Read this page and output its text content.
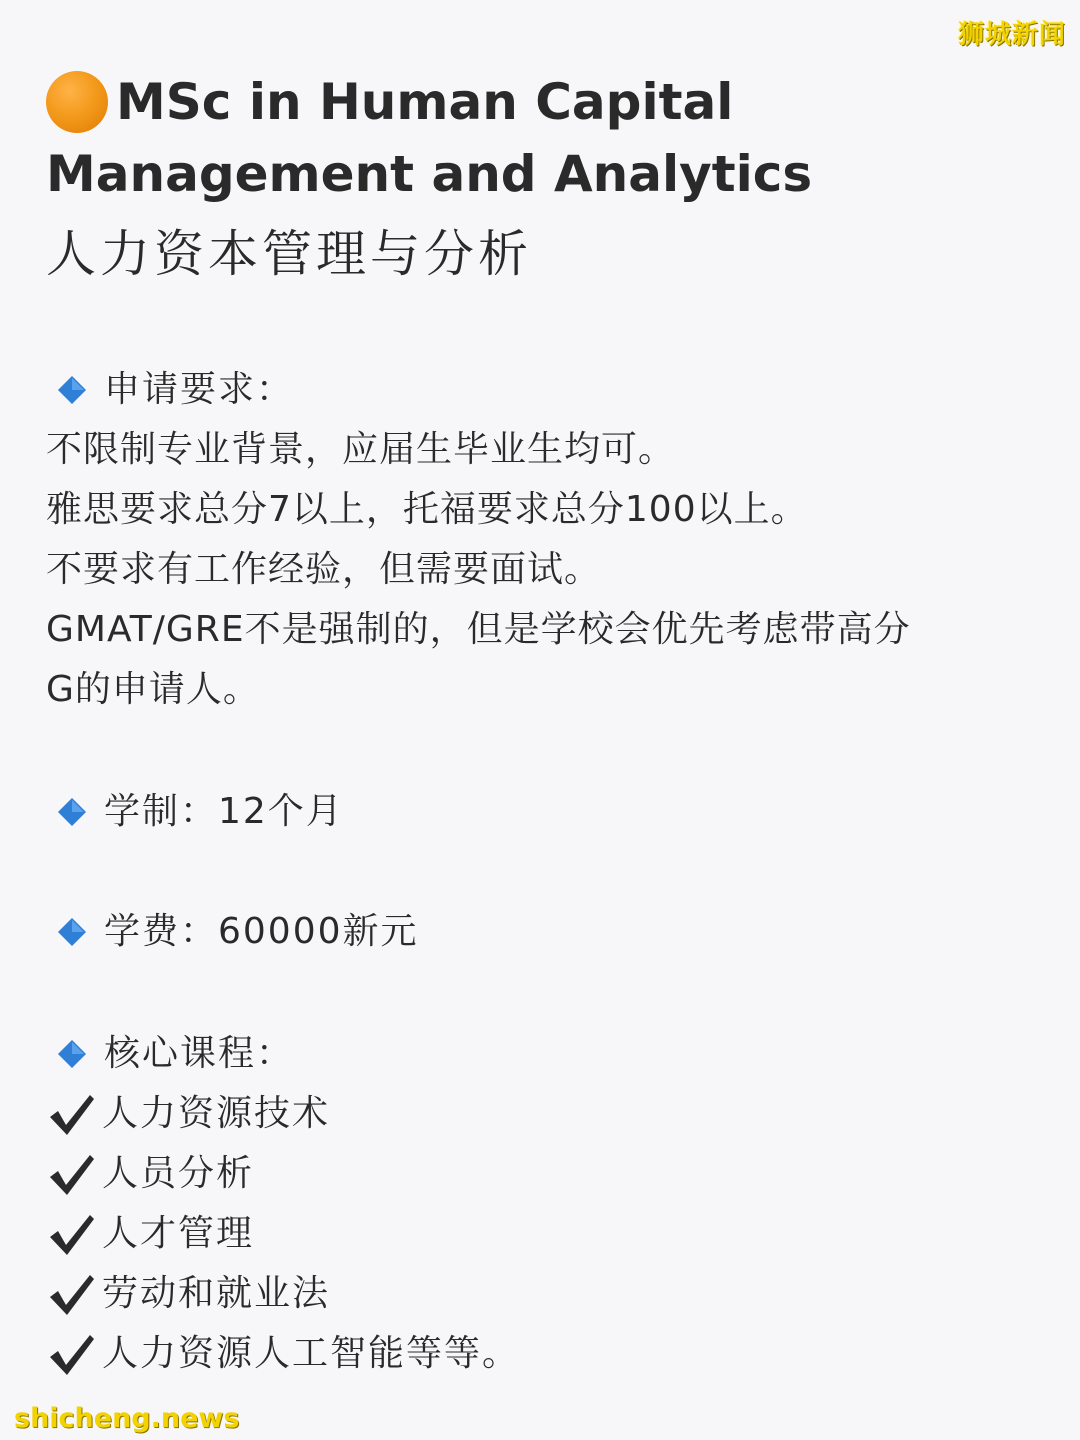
狮城新闻
MSc in Human Capital
Management and Analytics
人力资本管理与分析
申请要求：
不限制专业背景，应届生毕业生均可。
雅思要求总分7以上，托福要求总分100以上。
不要求有工作经验，但需要面试。
GMAT/GRE不是强制的，但是学校会优先考虑带高分
G的申请人。
学制：12个月
学费：60000新元
核心课程：
人力资源技术
人员分析
人才管理
劳动和就业法
人力资源人工智能等等。
shicheng.news
